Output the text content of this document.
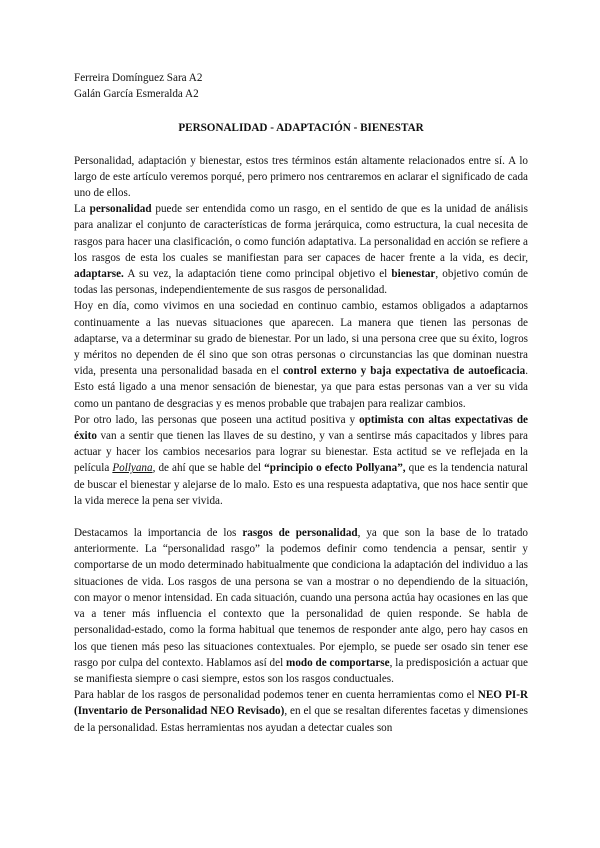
Ferreira Domínguez Sara A2

Galán García Esmeralda A2

PERSONALIDAD - ADAPTACIÓN - BIENESTAR

Personalidad, adaptación y bienestar, estos tres términos están altamente relacionados entre sí. A lo largo de este artículo veremos porqué, pero primero nos centraremos en aclarar el significado de cada uno de ellos.

La personalidad puede ser entendida como un rasgo, en el sentido de que es la unidad de análisis para analizar el conjunto de características de forma jerárquica, como estructura, la cual necesita de rasgos para hacer una clasificación, o como función adaptativa. La personalidad en acción se refiere a los rasgos de esta los cuales se manifiestan para ser capaces de hacer frente a la vida, es decir, adaptarse. A su vez, la adaptación tiene como principal objetivo el bienestar, objetivo común de todas las personas, independientemente de sus rasgos de personalidad.

Hoy en día, como vivimos en una sociedad en continuo cambio, estamos obligados a adaptarnos continuamente a las nuevas situaciones que aparecen. La manera que tienen las personas de adaptarse, va a determinar su grado de bienestar. Por un lado, si una persona cree que su éxito, logros y méritos no dependen de él sino que son otras personas o circunstancias las que dominan nuestra vida, presenta una personalidad basada en el control externo y baja expectativa de autoeficacia. Esto está ligado a una menor sensación de bienestar, ya que para estas personas van a ver su vida como un pantano de desgracias y es menos probable que trabajen para realizar cambios.

Por otro lado, las personas que poseen una actitud positiva y optimista con altas expectativas de éxito van a sentir que tienen las llaves de su destino, y van a sentirse más capacitados y libres para actuar y hacer los cambios necesarios para lograr su bienestar. Esta actitud se ve reflejada en la película Pollyana, de ahí que se hable del “principio o efecto Pollyana”, que es la tendencia natural de buscar el bienestar y alejarse de lo malo. Esto es una respuesta adaptativa, que nos hace sentir que la vida merece la pena ser vivida.

Destacamos la importancia de los rasgos de personalidad, ya que son la base de lo tratado anteriormente. La “personalidad rasgo” la podemos definir como tendencia a pensar, sentir y comportarse de un modo determinado habitualmente que condiciona la adaptación del individuo a las situaciones de vida. Los rasgos de una persona se van a mostrar o no dependiendo de la situación, con mayor o menor intensidad. En cada situación, cuando una persona actúa hay ocasiones en las que va a tener más influencia el contexto que la personalidad de quien responde. Se habla de personalidad-estado, como la forma habitual que tenemos de responder ante algo, pero hay casos en los que tienen más peso las situaciones contextuales. Por ejemplo, se puede ser osado sin tener ese rasgo por culpa del contexto. Hablamos así del modo de comportarse, la predisposición a actuar que se manifiesta siempre o casi siempre, estos son los rasgos conductuales.

Para hablar de los rasgos de personalidad podemos tener en cuenta herramientas como el NEO PI-R (Inventario de Personalidad NEO Revisado), en el que se resaltan diferentes facetas y dimensiones de la personalidad. Estas herramientas nos ayudan a detectar cuales son
